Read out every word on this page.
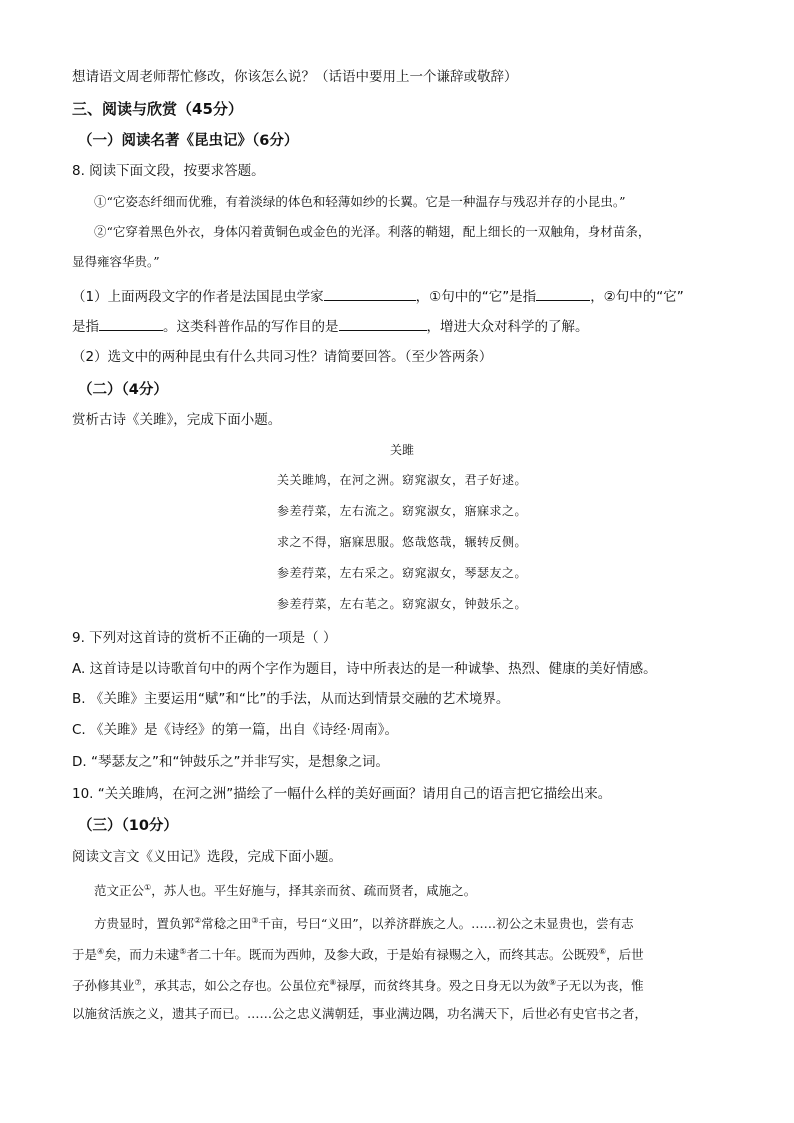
想请语文周老师帮忙修改，你该怎么说？（话语中要用上一个谦辞或敬辞）
三、阅读与欣赏（45分）
（一）阅读名著《昆虫记》（6分）
8. 阅读下面文段，按要求答题。
①“它姿态纤细而优雅，有着淡绿的体色和轻薄如纱的长翼。它是一种温存与残忍并存的小昆虫。”
②“它穿着黑色外衣，身体闪着黄铜色或金色的光泽。利落的鞘翅，配上细长的一双触角，身材苗条，
显得雍容华贵。”
（1）上面两段文字的作者是法国昆虫学家	，①句中的“它”是指	，②句中的“它”
是指	。这类科普作品的写作目的是	，增进大众对科学的了解。
（2）选文中的两种昆虫有什么共同习性？请简要回答。（至少答两条）
（二）（4分）
赏析古诗《关雎》，完成下面小题。
关雎
关关雎鸠，在河之洲。窈窕淑女，君子好逑。
参差荇菜，左右流之。窈窕淑女，寤寐求之。
求之不得，寤寐思服。悠哉悠哉，辗转反侧。
参差荇菜，左右采之。窈窕淑女，琴瑟友之。
参差荇菜，左右芼之。窈窕淑女，钟鼓乐之。
9. 下列对这首诗的赏析不正确的一项是（ ）
A. 这首诗是以诗歌首句中的两个字作为题目，诗中所表达的是一种诚挚、热烈、健康的美好情感。
B. 《关雎》主要运用“赋”和“比”的手法，从而达到情景交融的艺术境界。
C. 《关雎》是《诗经》的第一篇，出自《诗经·周南》。
D. “琴瑟友之”和“钟鼓乐之”并非写实，是想象之词。
10. “关关雎鸠，在河之洲”描绘了一幅什么样的美好画面？请用自己的语言把它描绘出来。
（三）（10分）
阅读文言文《义田记》选段，完成下面小题。
范文正公①，苏人也。平生好施与，择其亲而贫、疏而贤者，咸施之。
方贵显时，置负郭②常稔之田③千亩，号曰“义田”，以养济群族之人。……初公之未显贵也，尝有志
于是④矣，而力未逮⑤者二十年。既而为西帅，及参大政，于是始有禄赐之入，而终其志。公既殁⑥，后世
子孙修其业⑦，承其志，如公之存也。公虽位充⑧禄厚，而贫终其身。殁之日身无以为敛⑨子无以为丧，惟
以施贫活族之义，遗其子而已。……公之忠义满朝廷，事业满边隅，功名满天下，后世必有史官书之者，
